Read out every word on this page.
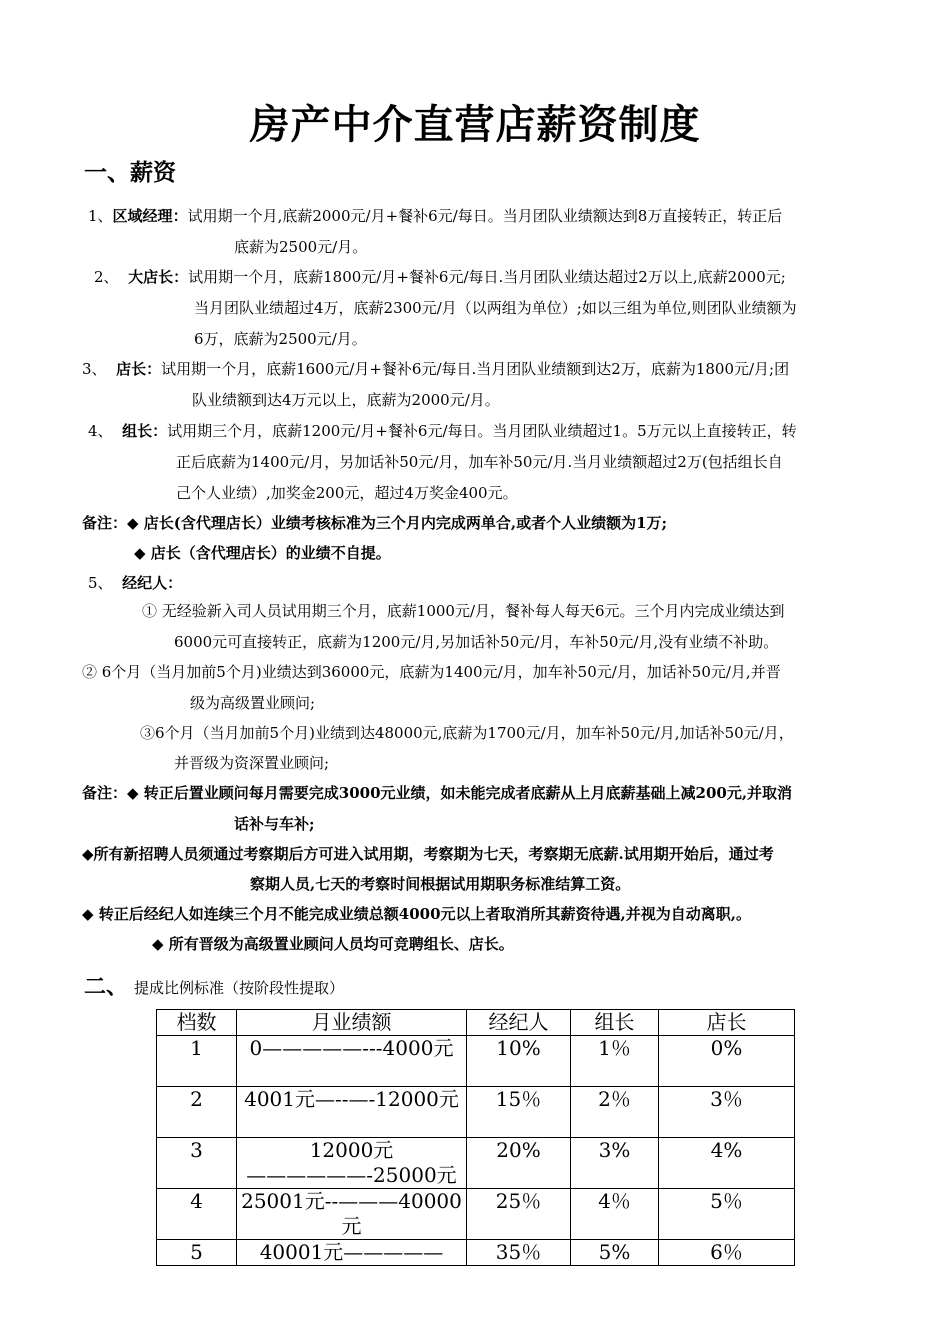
房产中介直营店薪资制度
一、薪资
1、区域经理：试用期一个月,底薪2000元/月+餐补6元/每日。当月团队业绩额达到8万直接转正，转正后
底薪为2500元/月。
2、 大店长：试用期一个月，底薪1800元/月+餐补6元/每日.当月团队业绩达超过2万以上,底薪2000元;
当月团队业绩超过4万，底薪2300元/月（以两组为单位）;如以三组为单位,则团队业绩额为
6万，底薪为2500元/月。
3、 店长：试用期一个月，底薪1600元/月+餐补6元/每日.当月团队业绩额到达2万，底薪为1800元/月;团
队业绩额到达4万元以上，底薪为2000元/月。
4、 组长：试用期三个月，底薪1200元/月+餐补6元/每日。当月团队业绩超过1。5万元以上直接转正，转
正后底薪为1400元/月，另加话补50元/月，加车补50元/月.当月业绩额超过2万(包括组长自
己个人业绩）,加奖金200元，超过4万奖金400元。
备注：◆ 店长(含代理店长）业绩考核标准为三个月内完成两单合,或者个人业绩额为1万;
◆ 店长（含代理店长）的业绩不自提。
5、 经纪人：
① 无经验新入司人员试用期三个月，底薪1000元/月，餐补每人每天6元。三个月内完成业绩达到
6000元可直接转正，底薪为1200元/月,另加话补50元/月，车补50元/月,没有业绩不补助。
② 6个月（当月加前5个月)业绩达到36000元，底薪为1400元/月，加车补50元/月，加话补50元/月,并晋
级为高级置业顾问;
③6个月（当月加前5个月)业绩到达48000元,底薪为1700元/月，加车补50元/月,加话补50元/月，
并晋级为资深置业顾问;
备注：◆ 转正后置业顾问每月需要完成3000元业绩，如未能完成者底薪从上月底薪基础上减200元,并取消
话补与车补;
◆所有新招聘人员须通过考察期后方可进入试用期，考察期为七天，考察期无底薪.试用期开始后，通过考
察期人员,七天的考察时间根据试用期职务标准结算工资。
◆ 转正后经纪人如连续三个月不能完成业绩总额4000元以上者取消所其薪资待遇,并视为自动离职,。
◆ 所有晋级为高级置业顾问人员均可竞聘组长、店长。
二、 提成比例标准（按阶段性提取）
档数	月业绩额	经纪人	组长	店长
1	0—————---4000元	10%	1％	0%
2	4001元—--—-12000元	15％	2％	3％
3	12000元——————-25000元	20%	3%	4%
4	25001元--———40000元	25％	4％	5％
5	40001元—————	35％	5%	6％
